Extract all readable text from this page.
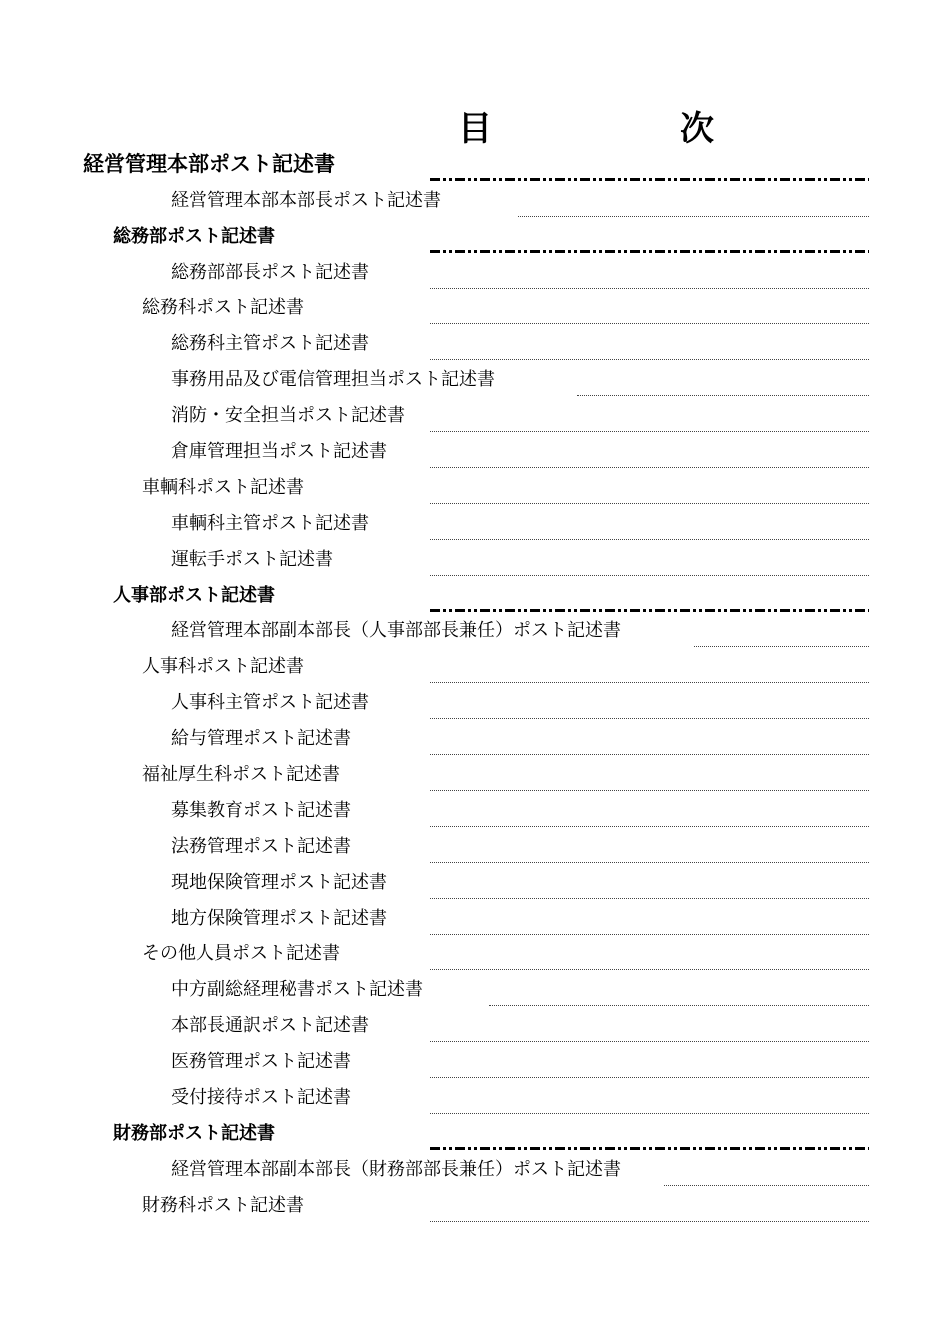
目	次
経営管理本部ポスト記述書
経営管理本部本部長ポスト記述書
総務部ポスト記述書
総務部部長ポスト記述書
総務科ポスト記述書
総務科主管ポスト記述書
事務用品及び電信管理担当ポスト記述書
消防・安全担当ポスト記述書
倉庫管理担当ポスト記述書
車輌科ポスト記述書
車輌科主管ポスト記述書
運転手ポスト記述書
人事部ポスト記述書
経営管理本部副本部長（人事部部長兼任）ポスト記述書
人事科ポスト記述書
人事科主管ポスト記述書
給与管理ポスト記述書
福祉厚生科ポスト記述書
募集教育ポスト記述書
法務管理ポスト記述書
現地保険管理ポスト記述書
地方保険管理ポスト記述書
その他人員ポスト記述書
中方副総経理秘書ポスト記述書
本部長通訳ポスト記述書
医務管理ポスト記述書
受付接待ポスト記述書
財務部ポスト記述書
経営管理本部副本部長（財務部部長兼任）ポスト記述書
財務科ポスト記述書
